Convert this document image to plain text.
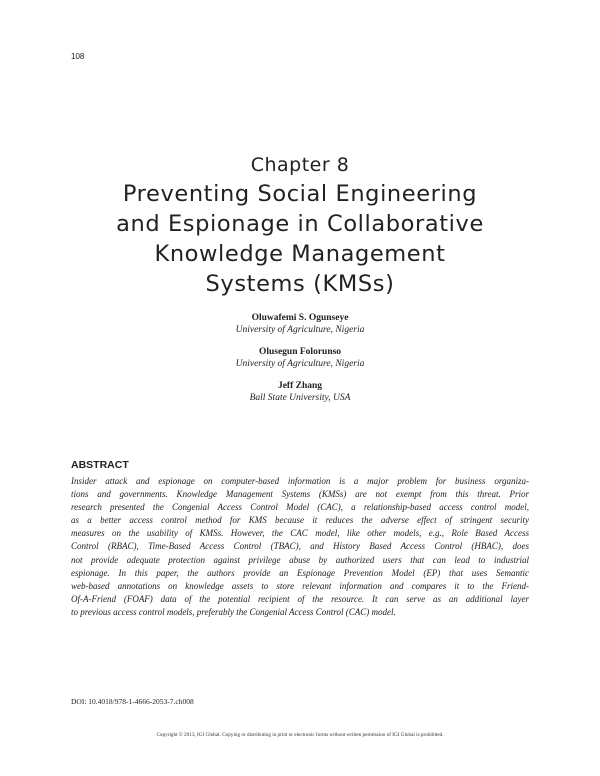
108
Chapter 8
Preventing Social Engineering
and Espionage in Collaborative
Knowledge Management
Systems (KMSs)
Oluwafemi S. Ogunseye
University of Agriculture, Nigeria
Olusegun Folorunso
University of Agriculture, Nigeria
Jeff Zhang
Ball State University, USA
ABSTRACT
Insider attack and espionage on computer-based information is a major problem for business organiza-
tions and governments. Knowledge Management Systems (KMSs) are not exempt from this threat. Prior
research presented the Congenial Access Control Model (CAC), a relationship-based access control model,
as a better access control method for KMS because it reduces the adverse effect of stringent security
measures on the usability of KMSs. However, the CAC model, like other models, e.g., Role Based Access
Control (RBAC), Time-Based Access Control (TBAC), and History Based Access Control (HBAC), does
not provide adequate protection against privilege abuse by authorized users that can lead to industrial
espionage. In this paper, the authors provide an Espionage Prevention Model (EP) that uses Semantic
web-based annotations on knowledge assets to store relevant information and compares it to the Friend-
Of-A-Friend (FOAF) data of the potential recipient of the resource. It can serve as an additional layer
to previous access control models, preferably the Congenial Access Control (CAC) model.
DOI: 10.4018/978-1-4666-2053-7.ch008
Copyright © 2013, IGI Global. Copying or distributing in print or electronic forms without written permission of IGI Global is prohibited.
